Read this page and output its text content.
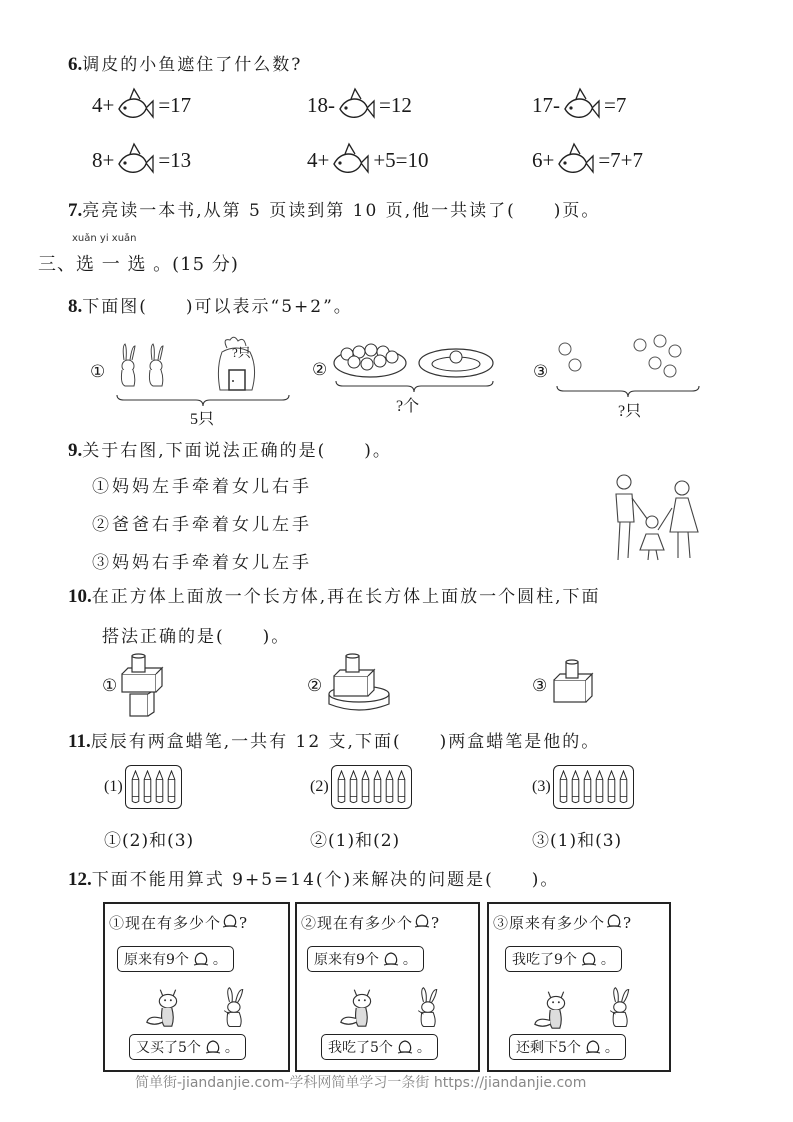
6.调皮的小鱼遮住了什么数?
4+ =17	18- =12	17- =7
8+ =13	4+ +5=10	6+ =7+7
7.亮亮读一本书,从第 5 页读到第 10 页,他一共读了(　　)页。
xuǎn yi xuǎn
三、选 一 选 。(15 分)
8.下面图(　　)可以表示“5+2”。
①
?只
5只
②
?个
③
?只
9.关于右图,下面说法正确的是(　　)。
①妈妈左手牵着女儿右手
②爸爸右手牵着女儿左手
③妈妈右手牵着女儿左手
10.在正方体上面放一个长方体,再在长方体上面放一个圆柱,下面
搭法正确的是(　　)。
①	②	③
11.辰辰有两盒蜡笔,一共有 12 支,下面(　　)两盒蜡笔是他的。
(1)	(2)	(3)
①(2)和(3)	②(1)和(2)	③(1)和(3)
12.下面不能用算式 9+5=14(个)来解决的问题是(　　)。
①现在有多少个 ?
原来有9个 。
又买了5个 。
②现在有多少个 ?
原来有9个 。
我吃了5个 。
③原来有多少个 ?
我吃了9个 。
还剩下5个 。
简单街-jiandanjie.com-学科网简单学习一条街 https://jiandanjie.com
